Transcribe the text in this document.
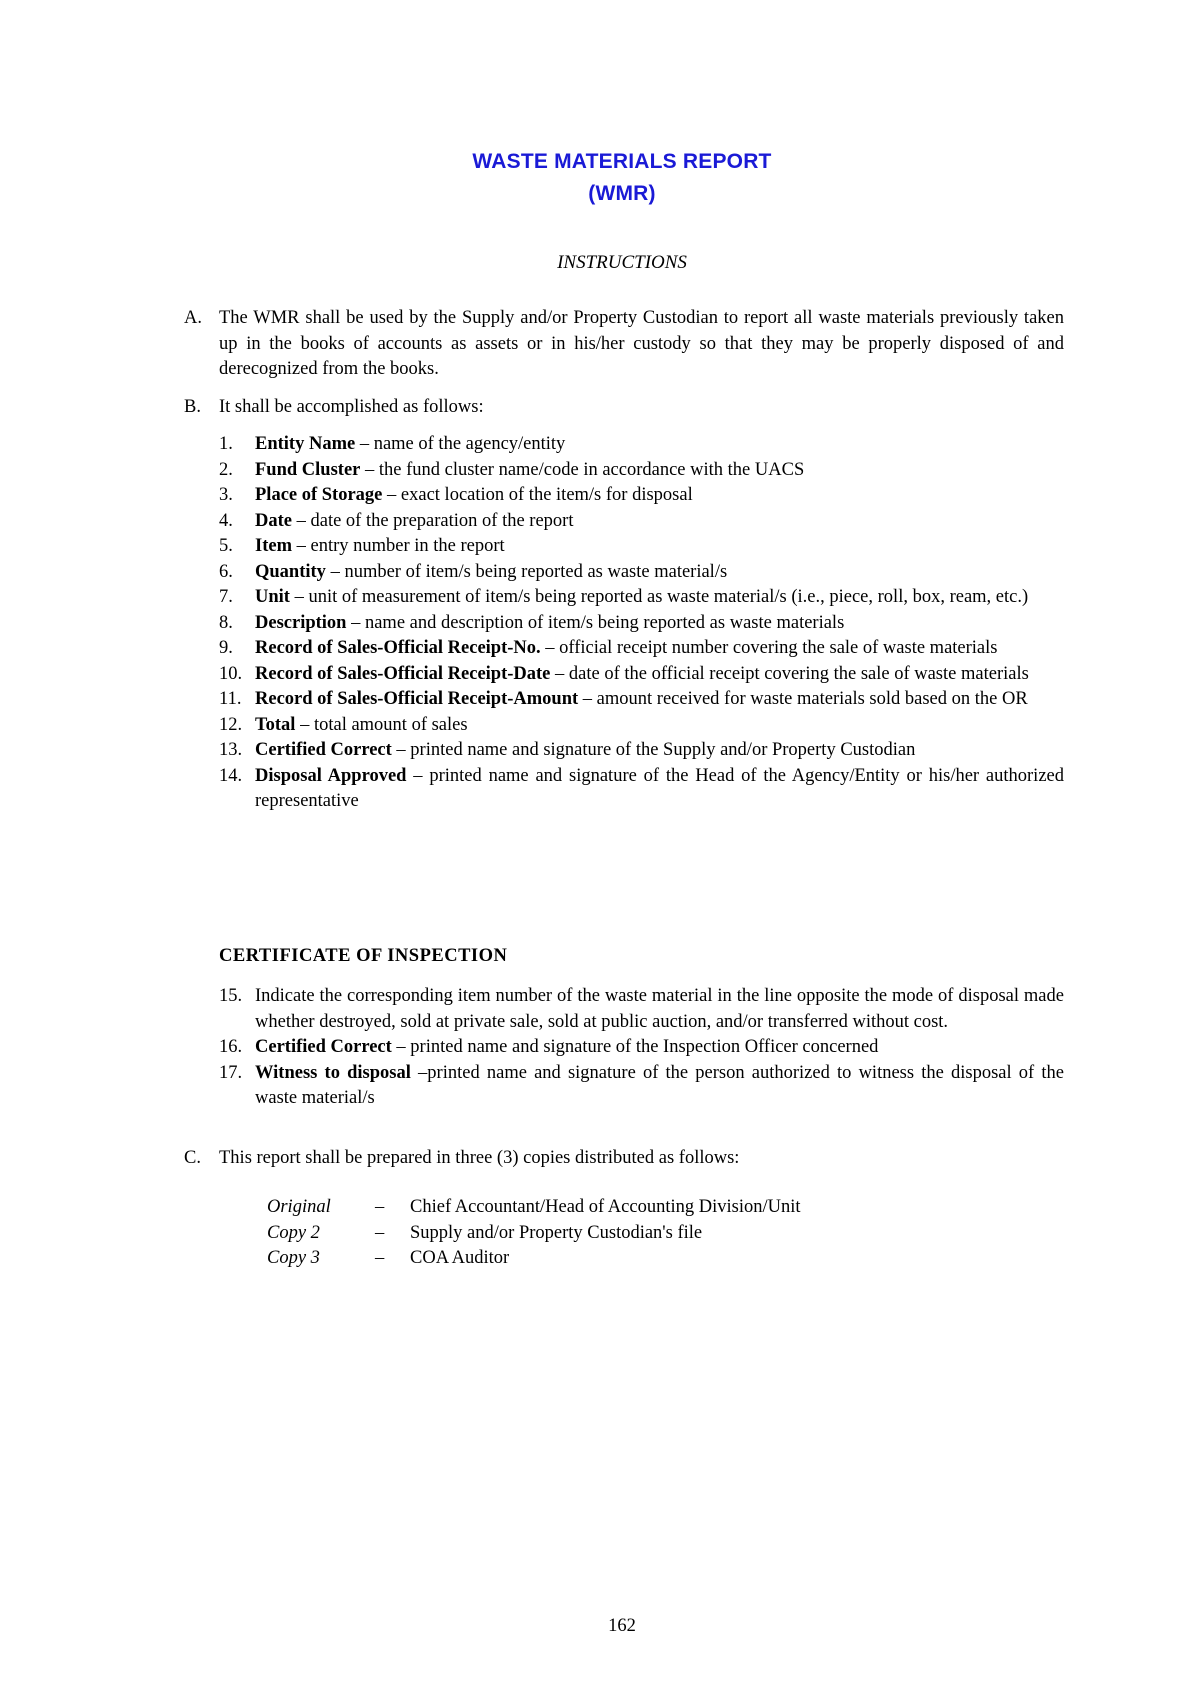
WASTE MATERIALS REPORT
(WMR)
INSTRUCTIONS
A. The WMR shall be used by the Supply and/or Property Custodian to report all waste materials previously taken up in the books of accounts as assets or in his/her custody so that they may be properly disposed of and derecognized from the books.
B. It shall be accomplished as follows:
1. Entity Name – name of the agency/entity
2. Fund Cluster – the fund cluster name/code in accordance with the UACS
3. Place of Storage – exact location of the item/s for disposal
4. Date – date of the preparation of the report
5. Item – entry number in the report
6. Quantity – number of item/s being reported as waste material/s
7. Unit – unit of measurement of item/s being reported as waste material/s (i.e., piece, roll, box, ream, etc.)
8. Description – name and description of item/s being reported as waste materials
9. Record of Sales-Official Receipt-No. – official receipt number covering the sale of waste materials
10. Record of Sales-Official Receipt-Date – date of the official receipt covering the sale of waste materials
11. Record of Sales-Official Receipt-Amount – amount received for waste materials sold based on the OR
12. Total – total amount of sales
13. Certified Correct – printed name and signature of the Supply and/or Property Custodian
14. Disposal Approved – printed name and signature of the Head of the Agency/Entity or his/her authorized representative
CERTIFICATE OF INSPECTION
15. Indicate the corresponding item number of the waste material in the line opposite the mode of disposal made whether destroyed, sold at private sale, sold at public auction, and/or transferred without cost.
16. Certified Correct – printed name and signature of the Inspection Officer concerned
17. Witness to disposal –printed name and signature of the person authorized to witness the disposal of the waste material/s
C. This report shall be prepared in three (3) copies distributed as follows:
Original	–	Chief Accountant/Head of Accounting Division/Unit
Copy 2	–	Supply and/or Property Custodian's file
Copy 3	–	COA Auditor
162
